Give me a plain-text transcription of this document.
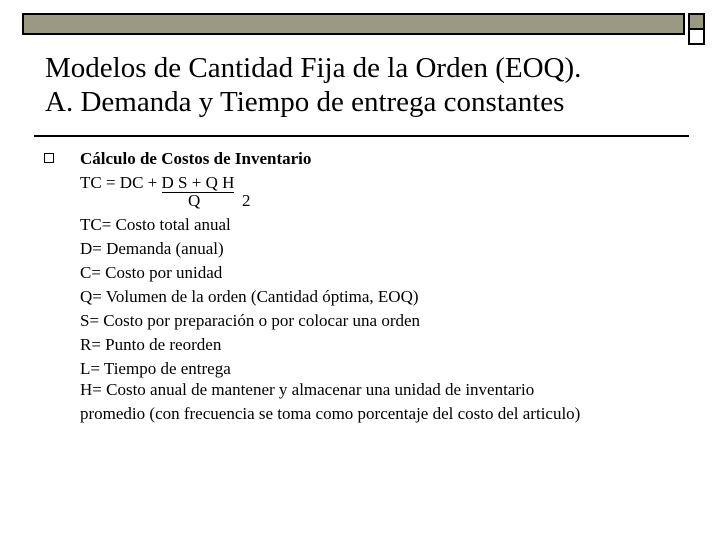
Modelos de Cantidad Fija de la Orden (EOQ).
A. Demanda y Tiempo de entrega constantes
Cálculo de Costos de Inventario
TC = DC + D S + Q H
Q 2
TC= Costo total anual
D= Demanda (anual)
C= Costo por unidad
Q= Volumen de la orden (Cantidad óptima, EOQ)
S= Costo por preparación o por colocar una orden
R= Punto de reorden
L= Tiempo de entrega
H= Costo anual de mantener y almacenar una unidad de inventario
promedio (con frecuencia se toma como porcentaje del costo del articulo)
